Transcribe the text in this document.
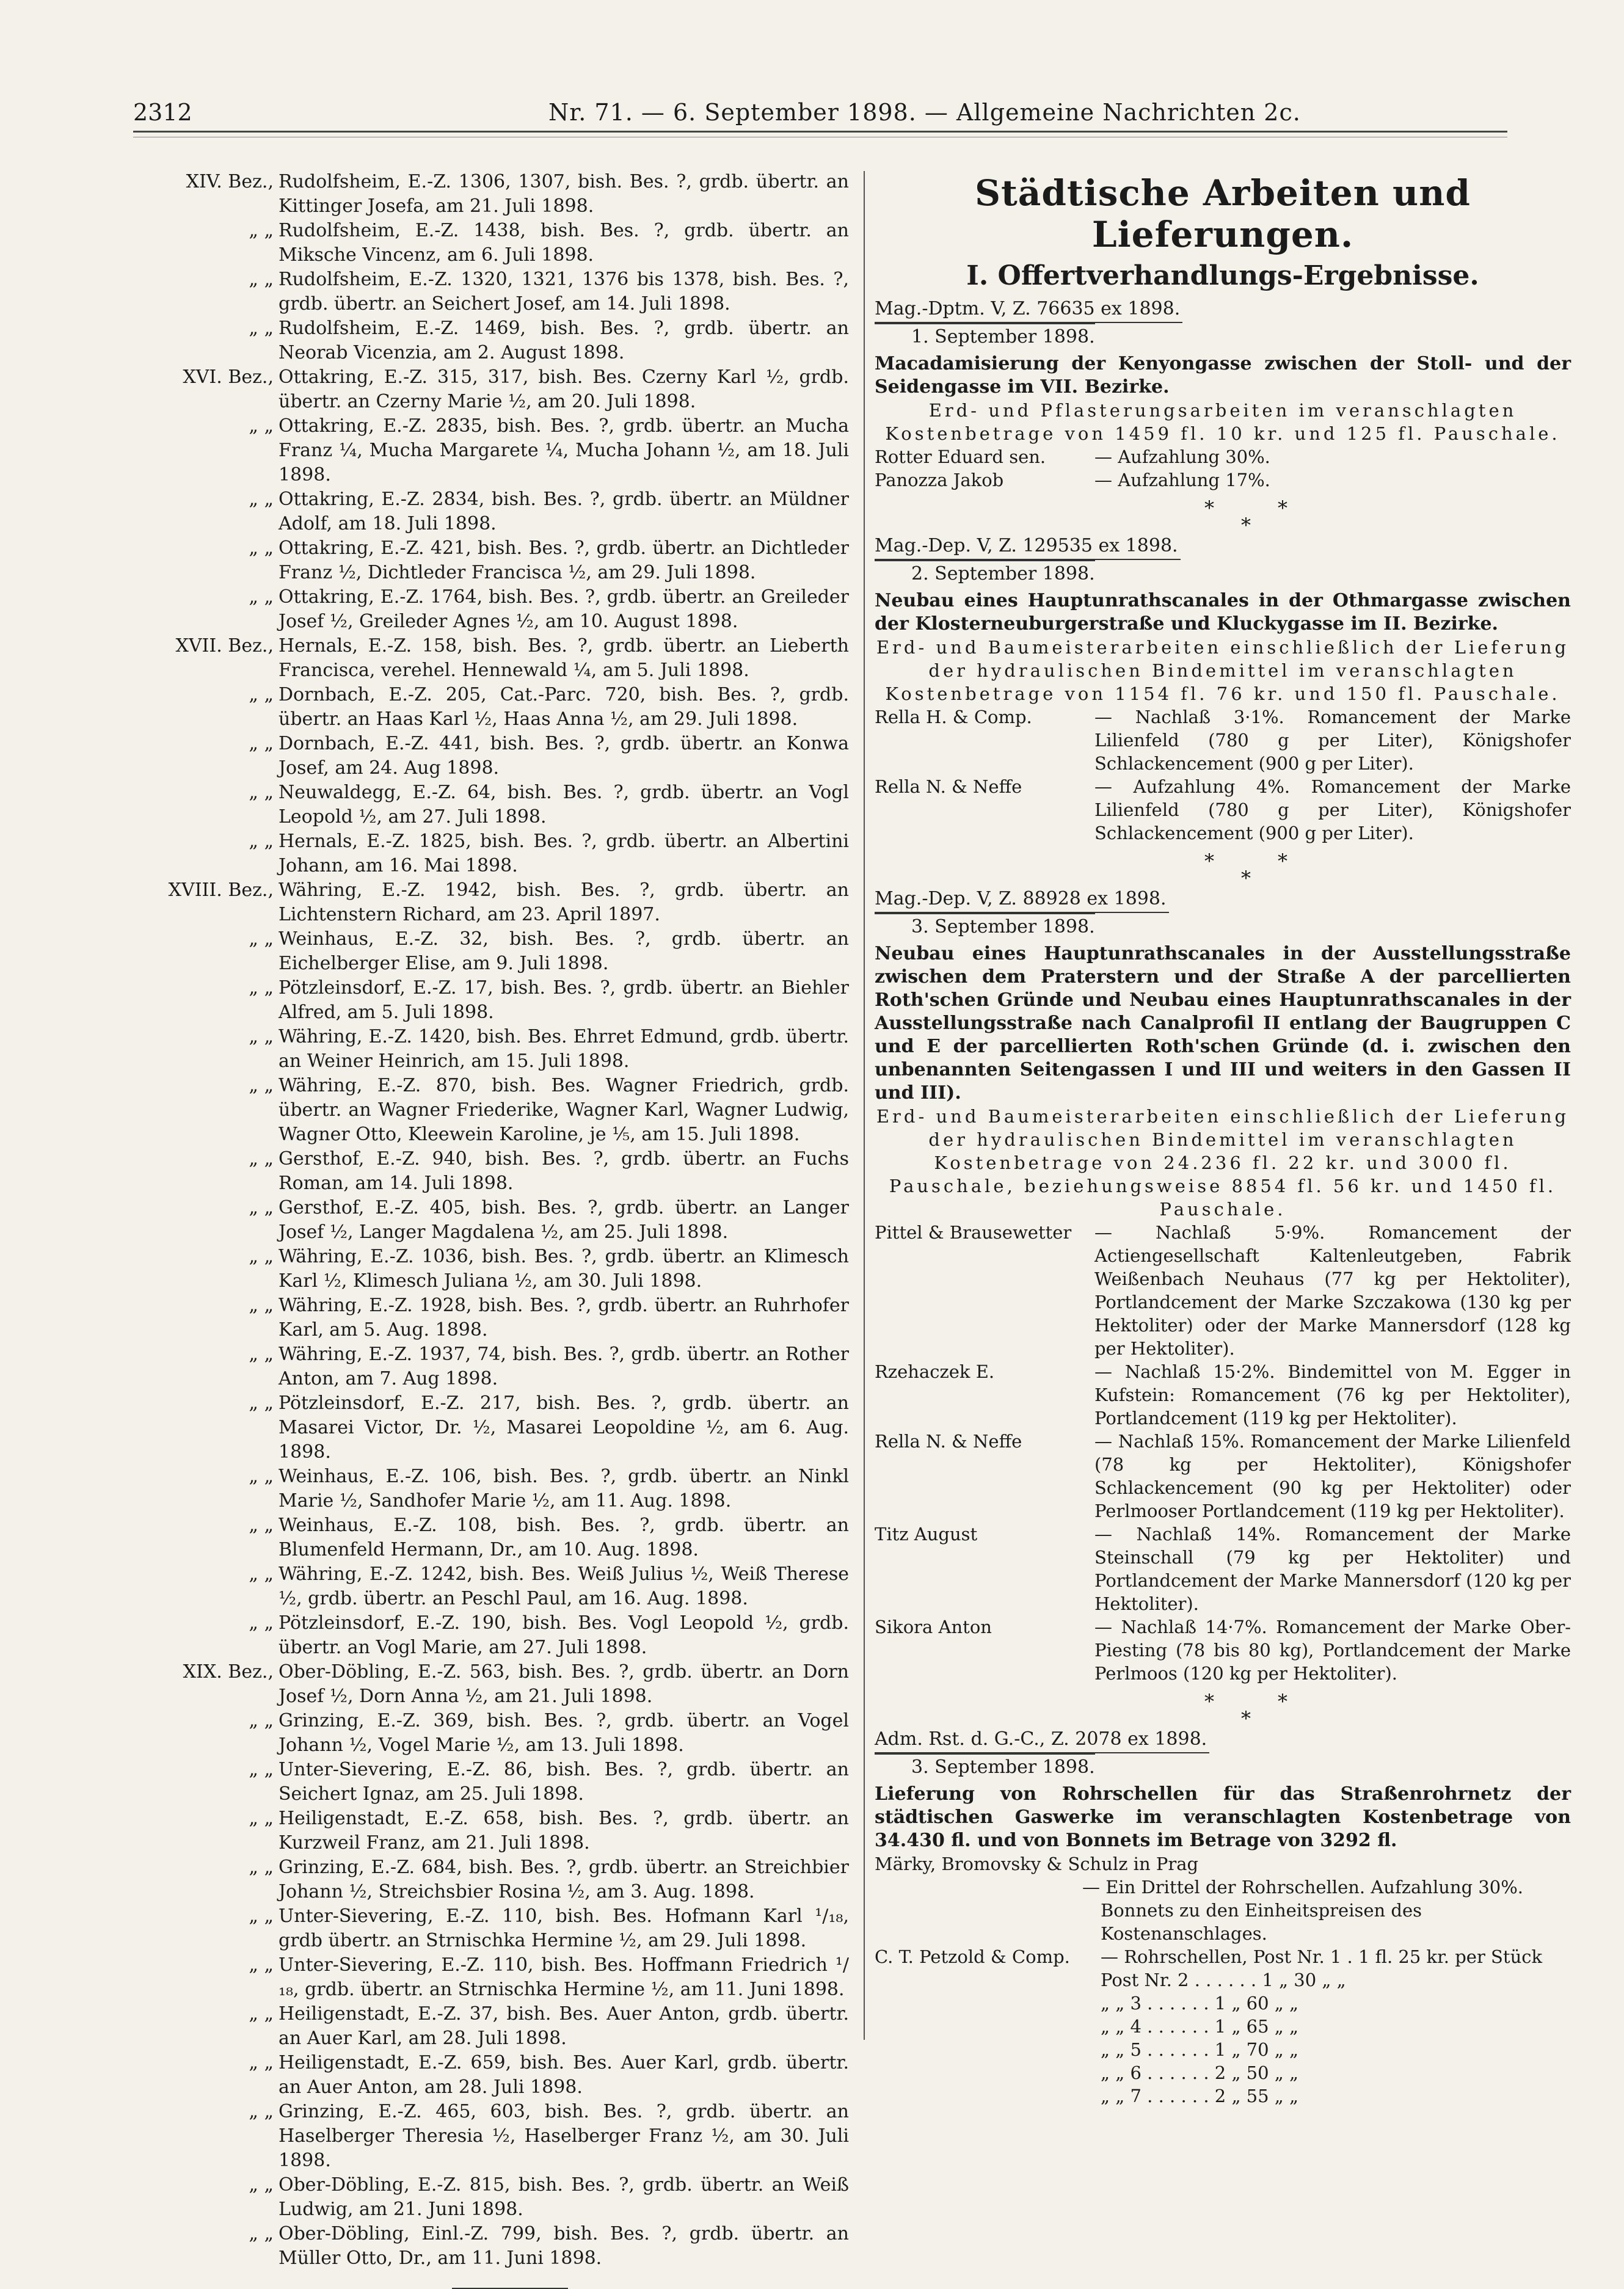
2312	Nr. 71. — 6. September 1898. — Allgemeine Nachrichten 2c.
XIV. Bez., Rudolfsheim, E.-Z. 1306, 1307, bish. Bes. ?, grdb. übertr. an Kittinger Josefa, am 21. Juli 1898.
„ „ Rudolfsheim, E.-Z. 1438, bish. Bes. ?, grdb. übertr. an Miksche Vincenz, am 6. Juli 1898.
„ „ Rudolfsheim, E.-Z. 1320, 1321, 1376 bis 1378, bish. Bes. ?, grdb. übertr. an Seichert Josef, am 14. Juli 1898.
„ „ Rudolfsheim, E.-Z. 1469, bish. Bes. ?, grdb. übertr. an Neorab Vicenzia, am 2. August 1898.
XVI. Bez., Ottakring, E.-Z. 315, 317, bish. Bes. Czerny Karl ½, grdb. übertr. an Czerny Marie ½, am 20. Juli 1898.
„ „ Ottakring, E.-Z. 2835, bish. Bes. ?, grdb. übertr. an Mucha Franz ¼, Mucha Margarete ¼, Mucha Johann ½, am 18. Juli 1898.
„ „ Ottakring, E.-Z. 2834, bish. Bes. ?, grdb. übertr. an Müldner Adolf, am 18. Juli 1898.
„ „ Ottakring, E.-Z. 421, bish. Bes. ?, grdb. übertr. an Dichtleder Franz ½, Dichtleder Francisca ½, am 29. Juli 1898.
„ „ Ottakring, E.-Z. 1764, bish. Bes. ?, grdb. übertr. an Greileder Josef ½, Greileder Agnes ½, am 10. August 1898.
XVII. Bez., Hernals, E.-Z. 158, bish. Bes. ?, grdb. übertr. an Lieberth Francisca, verehel. Hennewald ¼, am 5. Juli 1898.
„ „ Dornbach, E.-Z. 205, Cat.-Parc. 720, bish. Bes. ?, grdb. übertr. an Haas Karl ½, Haas Anna ½, am 29. Juli 1898.
„ „ Dornbach, E.-Z. 441, bish. Bes. ?, grdb. übertr. an Konwa Josef, am 24. Aug 1898.
„ „ Neuwaldegg, E.-Z. 64, bish. Bes. ?, grdb. übertr. an Vogl Leopold ½, am 27. Juli 1898.
„ „ Hernals, E.-Z. 1825, bish. Bes. ?, grdb. übertr. an Albertini Johann, am 16. Mai 1898.
XVIII. Bez., Währing, E.-Z. 1942, bish. Bes. ?, grdb. übertr. an Lichtenstern Richard, am 23. April 1897.
„ „ Weinhaus, E.-Z. 32, bish. Bes. ?, grdb. übertr. an Eichelberger Elise, am 9. Juli 1898.
„ „ Pötzleinsdorf, E.-Z. 17, bish. Bes. ?, grdb. übertr. an Biehler Alfred, am 5. Juli 1898.
„ „ Währing, E.-Z. 1420, bish. Bes. Ehrret Edmund, grdb. übertr. an Weiner Heinrich, am 15. Juli 1898.
„ „ Währing, E.-Z. 870, bish. Bes. Wagner Friedrich, grdb. übertr. an Wagner Friederike, Wagner Karl, Wagner Ludwig, Wagner Otto, Kleewein Karoline, je ⅕, am 15. Juli 1898.
„ „ Gersthof, E.-Z. 940, bish. Bes. ?, grdb. übertr. an Fuchs Roman, am 14. Juli 1898.
„ „ Gersthof, E.-Z. 405, bish. Bes. ?, grdb. übertr. an Langer Josef ½, Langer Magdalena ½, am 25. Juli 1898.
„ „ Währing, E.-Z. 1036, bish. Bes. ?, grdb. übertr. an Klimesch Karl ½, Klimesch Juliana ½, am 30. Juli 1898.
„ „ Währing, E.-Z. 1928, bish. Bes. ?, grdb. übertr. an Ruhrhofer Karl, am 5. Aug. 1898.
„ „ Währing, E.-Z. 1937, 74, bish. Bes. ?, grdb. übertr. an Rother Anton, am 7. Aug 1898.
„ „ Pötzleinsdorf, E.-Z. 217, bish. Bes. ?, grdb. übertr. an Masarei Victor, Dr. ½, Masarei Leopoldine ½, am 6. Aug. 1898.
„ „ Weinhaus, E.-Z. 106, bish. Bes. ?, grdb. übertr. an Ninkl Marie ½, Sandhofer Marie ½, am 11. Aug. 1898.
„ „ Weinhaus, E.-Z. 108, bish. Bes. ?, grdb. übertr. an Blumenfeld Hermann, Dr., am 10. Aug. 1898.
„ „ Währing, E.-Z. 1242, bish. Bes. Weiß Julius ½, Weiß Therese ½, grdb. übertr. an Peschl Paul, am 16. Aug. 1898.
„ „ Pötzleinsdorf, E.-Z. 190, bish. Bes. Vogl Leopold ½, grdb. übertr. an Vogl Marie, am 27. Juli 1898.
XIX. Bez., Ober-Döbling, E.-Z. 563, bish. Bes. ?, grdb. übertr. an Dorn Josef ½, Dorn Anna ½, am 21. Juli 1898.
„ „ Grinzing, E.-Z. 369, bish. Bes. ?, grdb. übertr. an Vogel Johann ½, Vogel Marie ½, am 13. Juli 1898.
„ „ Unter-Sievering, E.-Z. 86, bish. Bes. ?, grdb. übertr. an Seichert Ignaz, am 25. Juli 1898.
„ „ Heiligenstadt, E.-Z. 658, bish. Bes. ?, grdb. übertr. an Kurzweil Franz, am 21. Juli 1898.
„ „ Grinzing, E.-Z. 684, bish. Bes. ?, grdb. übertr. an Streichbier Johann ½, Streichsbier Rosina ½, am 3. Aug. 1898.
„ „ Unter-Sievering, E.-Z. 110, bish. Bes. Hofmann Karl ¹/₁₈, grdb übertr. an Strnischka Hermine ½, am 29. Juli 1898.
„ „ Unter-Sievering, E.-Z. 110, bish. Bes. Hoffmann Friedrich ¹/₁₈, grdb. übertr. an Strnischka Hermine ½, am 11. Juni 1898.
„ „ Heiligenstadt, E.-Z. 37, bish. Bes. Auer Anton, grdb. übertr. an Auer Karl, am 28. Juli 1898.
„ „ Heiligenstadt, E.-Z. 659, bish. Bes. Auer Karl, grdb. übertr. an Auer Anton, am 28. Juli 1898.
„ „ Grinzing, E.-Z. 465, 603, bish. Bes. ?, grdb. übertr. an Haselberger Theresia ½, Haselberger Franz ½, am 30. Juli 1898.
„ „ Ober-Döbling, E.-Z. 815, bish. Bes. ?, grdb. übertr. an Weiß Ludwig, am 21. Juni 1898.
„ „ Ober-Döbling, Einl.-Z. 799, bish. Bes. ?, grdb. übertr. an Müller Otto, Dr., am 11. Juni 1898.
Städtische Arbeiten und Lieferungen.
I. Offertverhandlungs-Ergebnisse.
Mag.-Dptm. V, Z. 76635 ex 1898.
1. September 1898.
Macadamisierung der Kenyongasse zwischen der Stoll- und der Seidengasse im VII. Bezirke.
Erd- und Pflasterungsarbeiten im veranschlagten Kostenbetrage von 1459 fl. 10 kr. und 125 fl. Pauschale.
Rotter Eduard sen.	— Aufzahlung 30%.
Panozza Jakob	— Aufzahlung 17%.
*	*
*
Mag.-Dep. V, Z. 129535 ex 1898.
2. September 1898.
Neubau eines Hauptunrathscanales in der Othmargasse zwischen der Klosterneuburgerstraße und Kluckygasse im II. Bezirke.
Erd- und Baumeisterarbeiten einschließlich der Lieferung der hydraulischen Bindemittel im veranschlagten Kostenbetrage von 1154 fl. 76 kr. und 150 fl. Pauschale.
Rella H. & Comp.	— Nachlaß 3·1%. Romancement der Marke Lilienfeld (780 g per Liter), Königshofer Schlackencement (900 g per Liter).
Rella N. & Neffe	— Aufzahlung 4%. Romancement der Marke Lilienfeld (780 g per Liter), Königshofer Schlackencement (900 g per Liter).
*	*
*
Mag.-Dep. V, Z. 88928 ex 1898.
3. September 1898.
Neubau eines Hauptunrathscanales in der Ausstellungsstraße zwischen dem Praterstern und der Straße A der parcellierten Roth'schen Gründe und Neubau eines Hauptunrathscanales in der Ausstellungsstraße nach Canalprofil II entlang der Baugruppen C und E der parcellierten Roth'schen Gründe (d. i. zwischen den unbenannten Seitengassen I und III und weiters in den Gassen II und III).
Erd- und Baumeisterarbeiten einschließlich der Lieferung der hydraulischen Bindemittel im veranschlagten Kostenbetrage von 24.236 fl. 22 kr. und 3000 fl. Pauschale, beziehungsweise 8854 fl. 56 kr. und 1450 fl. Pauschale.
Pittel & Brausewetter	— Nachlaß 5·9%. Romancement der Actiengesellschaft Kaltenleutgeben, Fabrik Weißenbach Neuhaus (77 kg per Hektoliter), Portlandcement der Marke Szczakowa (130 kg per Hektoliter) oder der Marke Mannersdorf (128 kg per Hektoliter).
Rzehaczek E.	— Nachlaß 15·2%. Bindemittel von M. Egger in Kufstein: Romancement (76 kg per Hektoliter), Portlandcement (119 kg per Hektoliter).
Rella N. & Neffe	— Nachlaß 15%. Romancement der Marke Lilienfeld (78 kg per Hektoliter), Königshofer Schlackencement (90 kg per Hektoliter) oder Perlmooser Portlandcement (119 kg per Hektoliter).
Titz August	— Nachlaß 14%. Romancement der Marke Steinschall (79 kg per Hektoliter) und Portlandcement der Marke Mannersdorf (120 kg per Hektoliter).
Sikora Anton	— Nachlaß 14·7%. Romancement der Marke Ober-Piesting (78 bis 80 kg), Portlandcement der Marke Perlmoos (120 kg per Hektoliter).
*	*
*
Adm. Rst. d. G.-C., Z. 2078 ex 1898.
3. September 1898.
Lieferung von Rohrschellen für das Straßenrohrnetz der städtischen Gaswerke im veranschlagten Kostenbetrage von 34.430 fl. und von Bonnets im Betrage von 3292 fl.
Märky, Bromovsky & Schulz in Prag
— Ein Drittel der Rohrschellen. Aufzahlung 30%.
Bonnets zu den Einheitspreisen des Kostenanschlages.
C. T. Petzold & Comp.	— Rohrschellen, Post Nr. 1 . 1 fl. 25 kr. per Stück
Post Nr. 2 . . . . . . 1 „ 30 „ „
„ „ 3 . . . . . . 1 „ 60 „ „
„ „ 4 . . . . . . 1 „ 65 „ „
„ „ 5 . . . . . . 1 „ 70 „ „
„ „ 6 . . . . . . 2 „ 50 „ „
„ „ 7 . . . . . . 2 „ 55 „ „
